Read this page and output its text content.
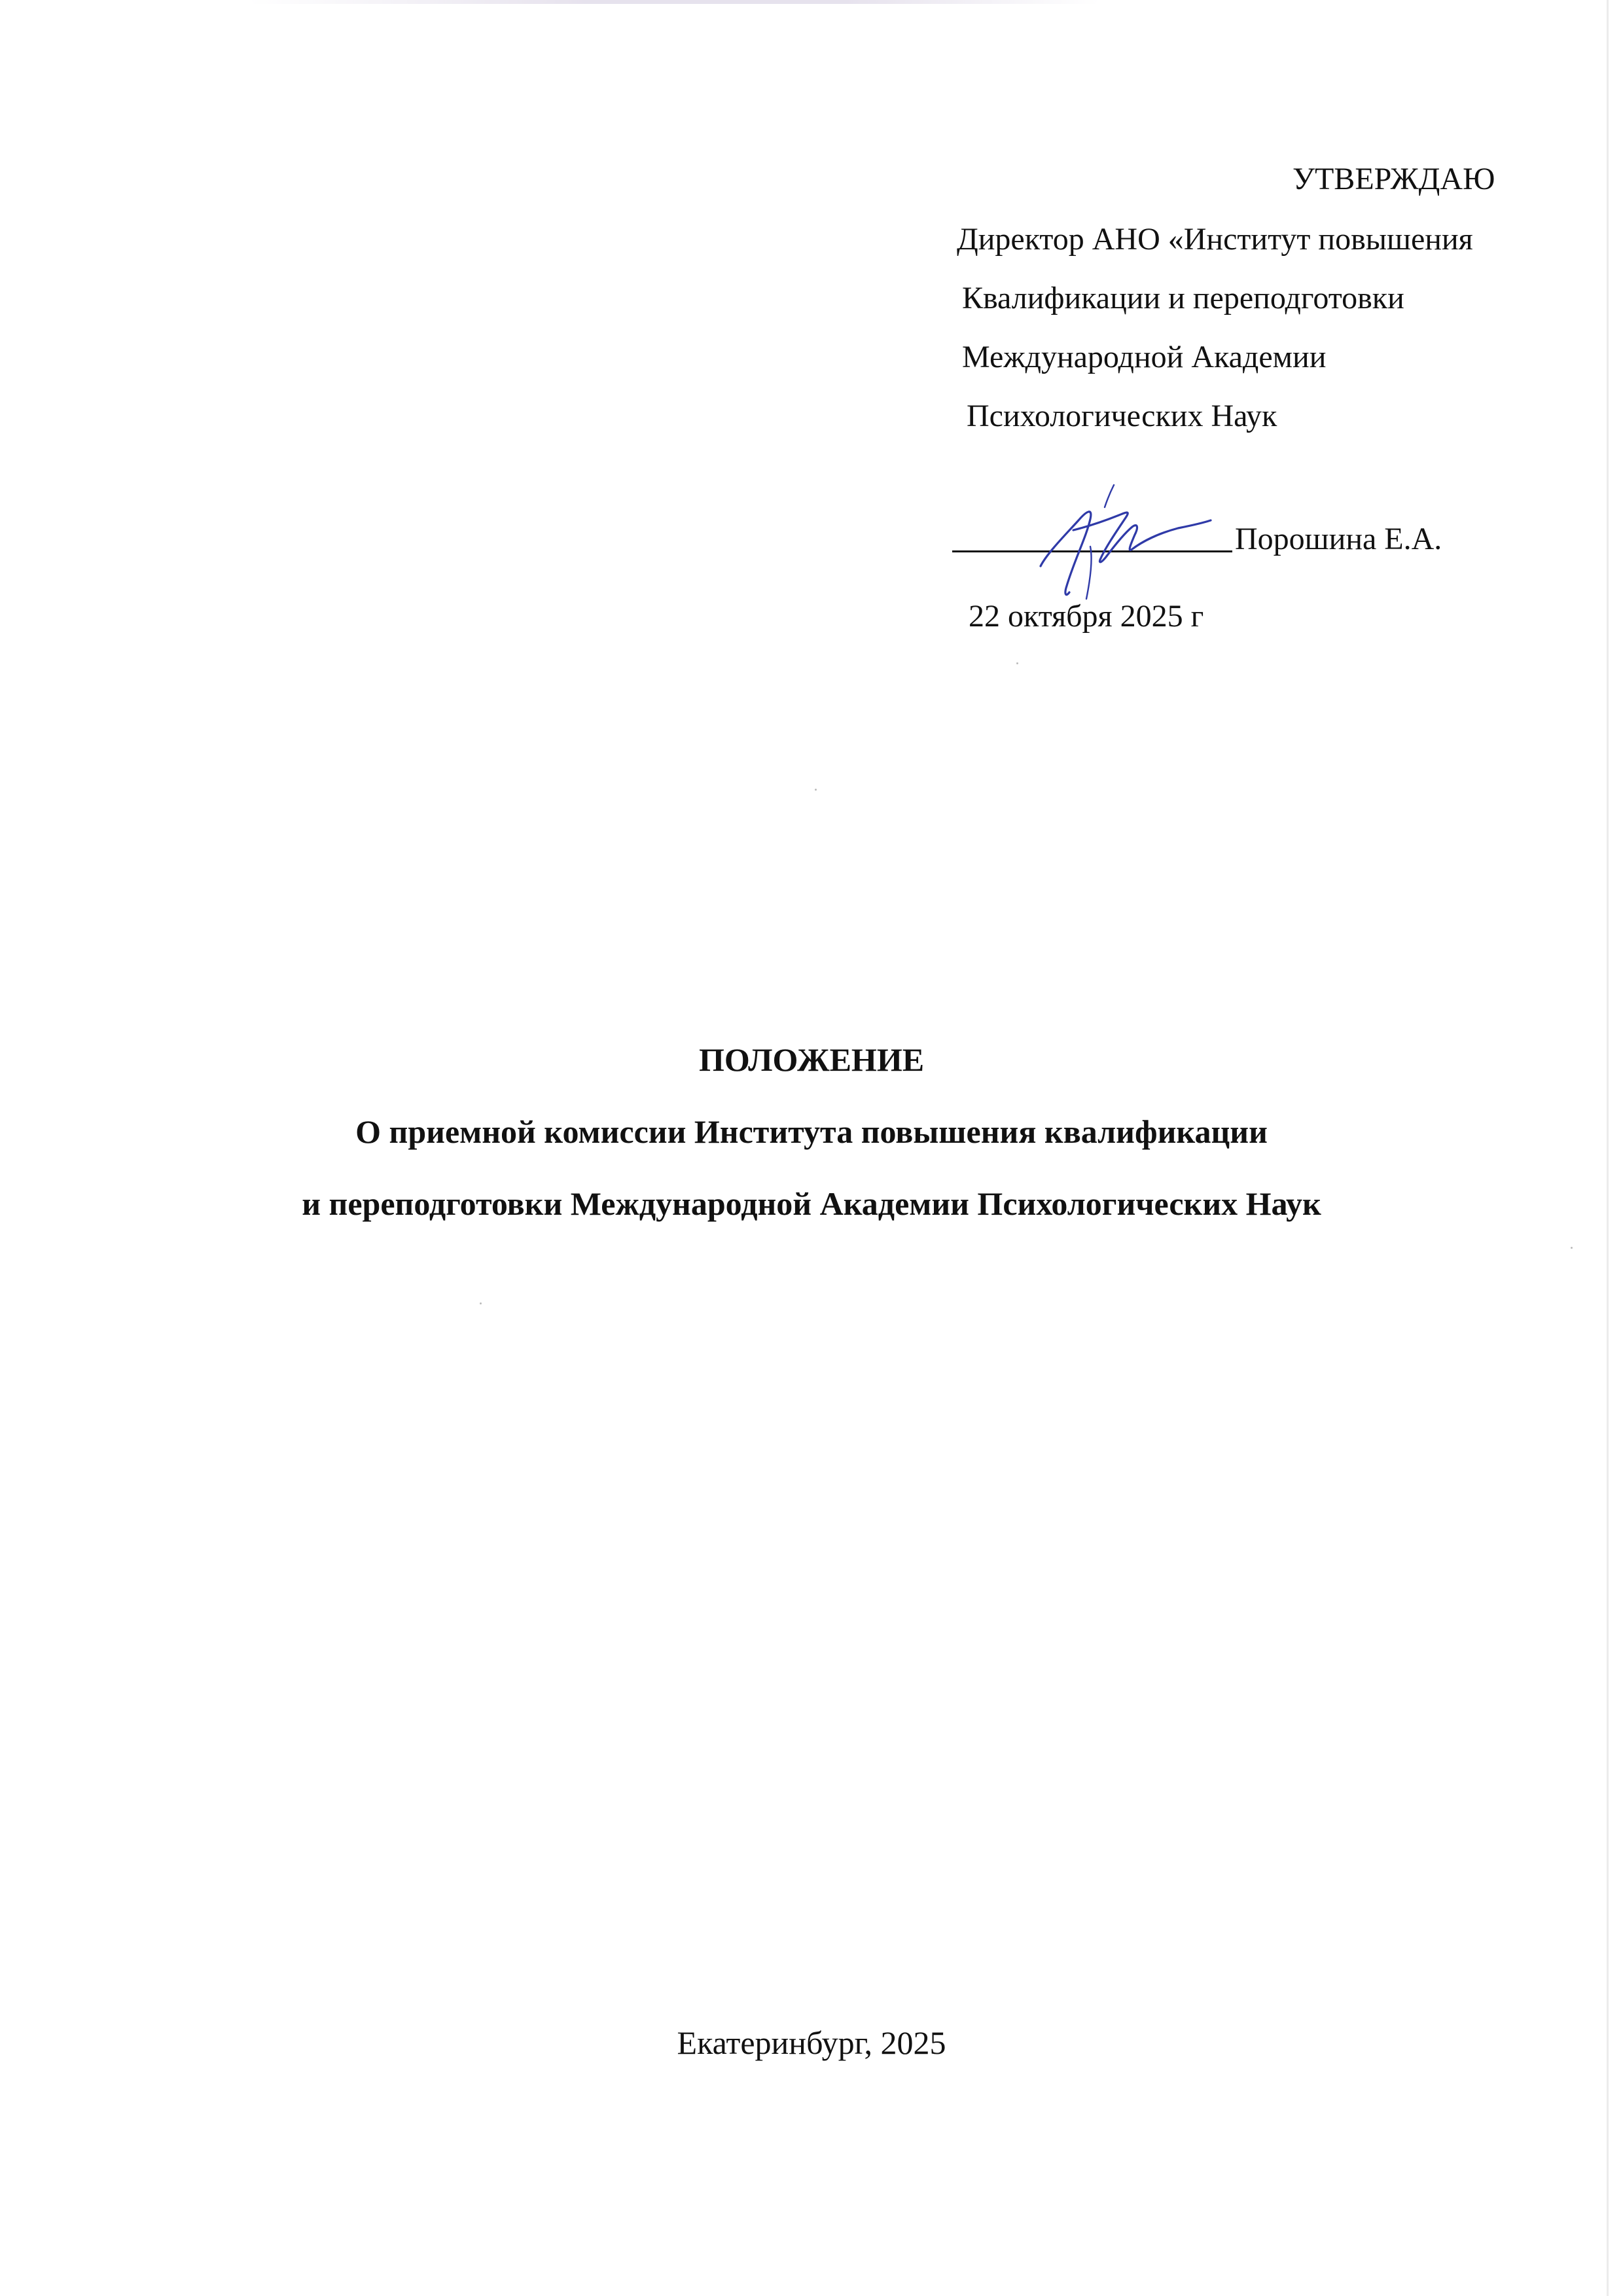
УТВЕРЖДАЮ
Директор АНО «Институт повышения
Квалификации и переподготовки
Международной Академии
Психологических Наук
Порошина Е.А.
22 октября 2025 г
ПОЛОЖЕНИЕ
О приемной комиссии Института повышения квалификации
и переподготовки Международной Академии Психологических Наук
Екатеринбург, 2025
